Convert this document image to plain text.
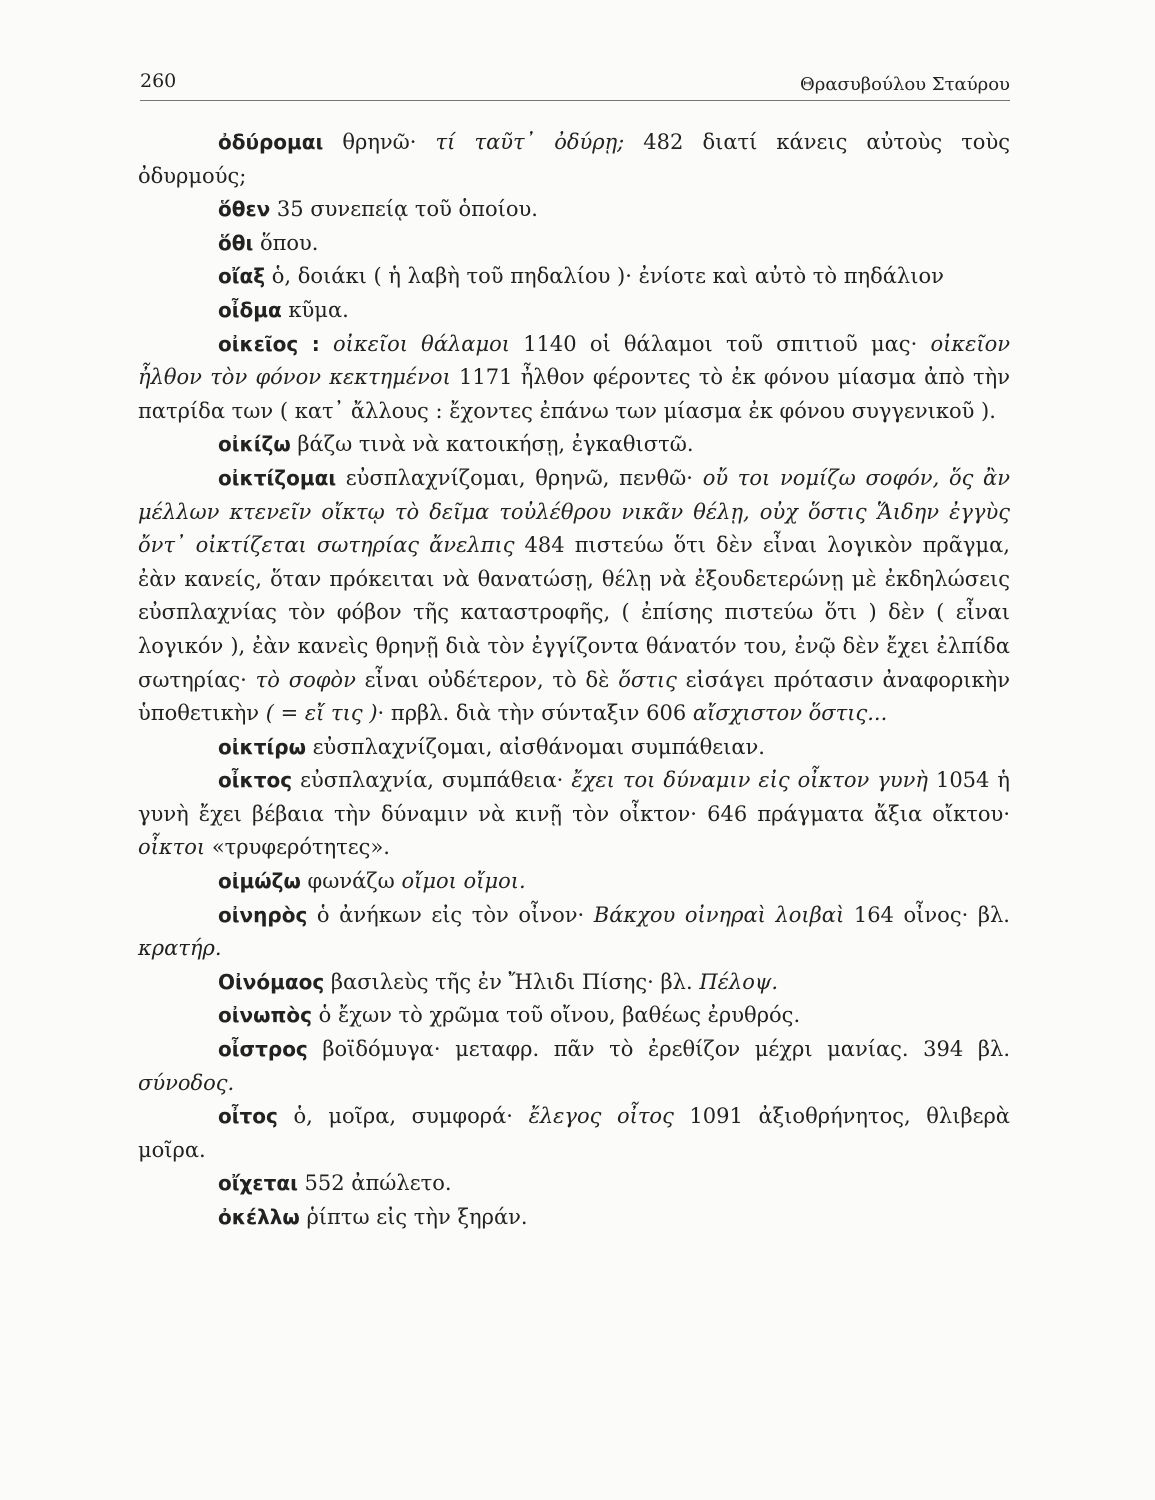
260	Θρασυβούλου Σταύρου

ὀδύρομαι θρηνῶ· τί ταῦτ᾽ ὀδύρῃ; 482 διατί κάνεις αὐτοὺς τοὺς ὀδυρμούς;

ὅθεν 35 συνεπείᾳ τοῦ ὁποίου.

ὅθι ὅπου.

οἴαξ ὁ, δοιάκι ( ἡ λαβὴ τοῦ πηδαλίου )· ἐνίοτε καὶ αὐτὸ τὸ πηδάλιον

οἶδμα κῦμα.

οἰκεῖος : οἰκεῖοι θάλαμοι 1140 οἱ θάλαμοι τοῦ σπιτιοῦ μας· οἰκεῖον ἦλθον τὸν φόνον κεκτημένοι 1171 ἦλθον φέροντες τὸ ἐκ φόνου μίασμα ἀπὸ τὴν πατρίδα των ( κατ᾽ ἄλλους : ἔχοντες ἐπάνω των μίασμα ἐκ φόνου συγγενικοῦ ).

οἰκίζω βάζω τινὰ νὰ κατοικήσῃ, ἐγκαθιστῶ.

οἰκτίζομαι εὐσπλαχνίζομαι, θρηνῶ, πενθῶ· οὔ τοι νομίζω σοφόν, ὅς ἂν μέλλων κτενεῖν οἴκτῳ τὸ δεῖμα τοὐλέθρου νικᾶν θέλῃ, οὐχ ὅστις Ἅιδην ἐγγὺς ὄντ᾽ οἰκτίζεται σωτηρίας ἄνελπις 484 πιστεύω ὅτι δὲν εἶναι λογικὸν πρᾶγμα, ἐὰν κανείς, ὅταν πρόκειται νὰ θανατώσῃ, θέλῃ νὰ ἐξουδετερώνῃ μὲ ἐκδηλώσεις εὐσπλαχνίας τὸν φόβον τῆς καταστροφῆς, ( ἐπίσης πιστεύω ὅτι ) δὲν ( εἶναι λογικόν ), ἐὰν κανεὶς θρηνῇ διὰ τὸν ἐγγίζοντα θάνατόν του, ἐνῷ δὲν ἔχει ἐλπίδα σωτηρίας· τὸ σοφὸν εἶναι οὐδέτερον, τὸ δὲ ὅστις εἰσάγει πρότασιν ἀναφορικὴν ὑποθετικὴν ( = εἴ τις )· πρβλ. διὰ τὴν σύνταξιν 606 αἴσχιστον ὅστις...

οἰκτίρω εὐσπλαχνίζομαι, αἰσθάνομαι συμπάθειαν.

οἶκτος εὐσπλαχνία, συμπάθεια· ἔχει τοι δύναμιν εἰς οἶκτον γυνὴ 1054 ἡ γυνὴ ἔχει βέβαια τὴν δύναμιν νὰ κινῇ τὸν οἶκτον· 646 πράγματα ἄξια οἴκτου· οἶκτοι «τρυφερότητες».

οἰμώζω φωνάζω οἴμοι οἴμοι.

οἰνηρὸς ὁ ἀνήκων εἰς τὸν οἶνον· Βάκχου οἰνηραὶ λοιβαὶ 164 οἶνος· βλ. κρατήρ.

Οἰνόμαος βασιλεὺς τῆς ἐν Ἤλιδι Πίσης· βλ. Πέλοψ.

οἰνωπὸς ὁ ἔχων τὸ χρῶμα τοῦ οἴνου, βαθέως ἐρυθρός.

οἶστρος βοϊδόμυγα· μεταφρ. πᾶν τὸ ἐρεθίζον μέχρι μανίας. 394 βλ. σύνοδος.

οἶτος ὁ, μοῖρα, συμφορά· ἔλεγος οἶτος 1091 ἀξιοθρήνητος, θλιβερὰ μοῖρα.

οἴχεται 552 ἀπώλετο.

ὀκέλλω ῥίπτω εἰς τὴν ξηράν.
